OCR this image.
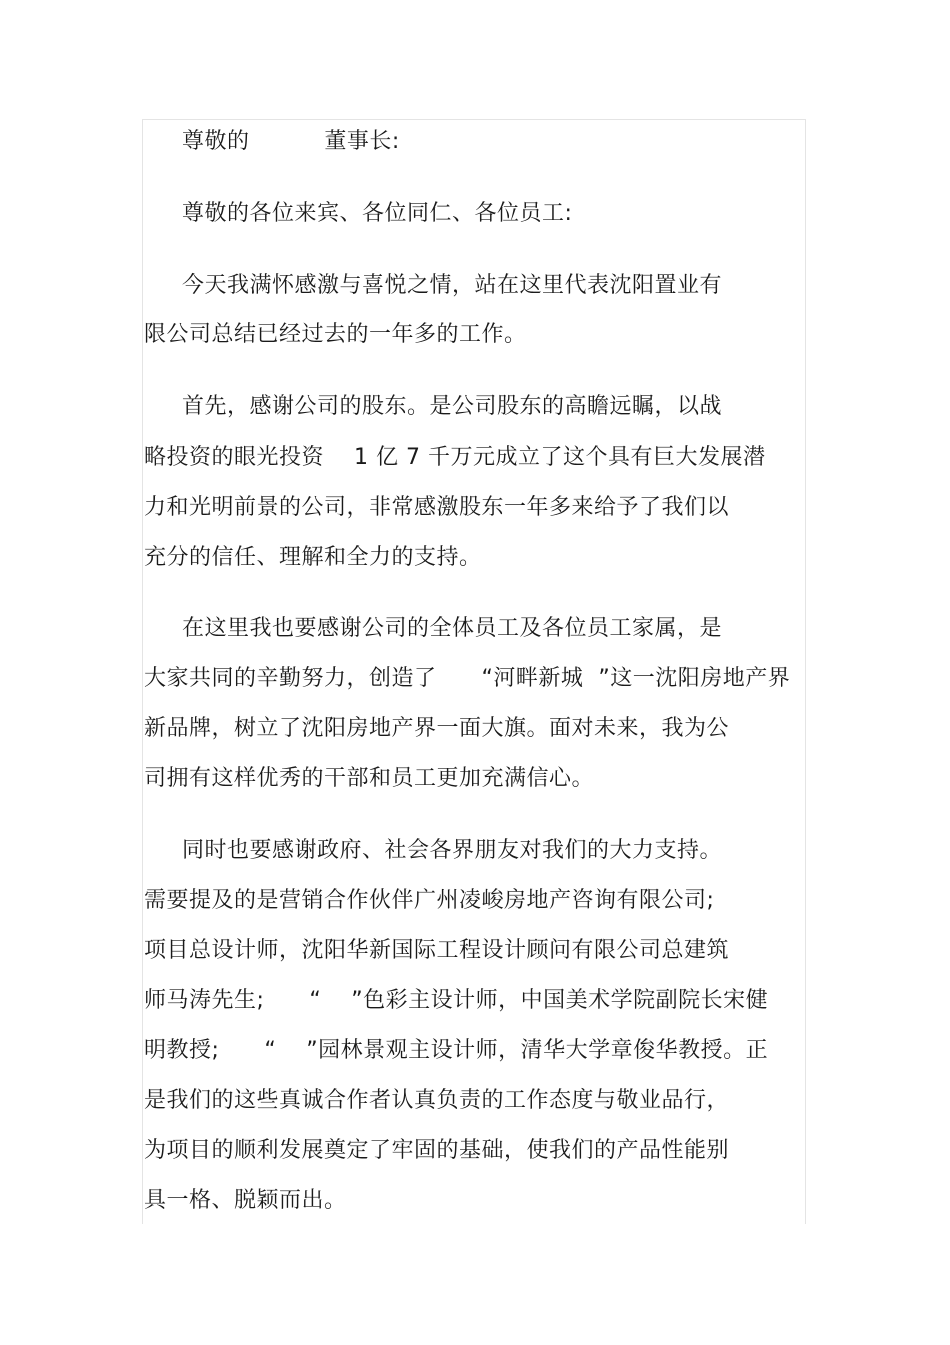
尊敬的          董事长:
尊敬的各位来宾、各位同仁、各位员工:
今天我满怀感激与喜悦之情，站在这里代表沈阳置业有
限公司总结已经过去的一年多的工作。
首先，感谢公司的股东。是公司股东的高瞻远瞩，以战
略投资的眼光投资    1 亿 7 千万元成立了这个具有巨大发展潜
力和光明前景的公司，非常感激股东一年多来给予了我们以
充分的信任、理解和全力的支持。
在这里我也要感谢公司的全体员工及各位员工家属，是
大家共同的辛勤努力，创造了      “河畔新城  ”这一沈阳房地产界
新品牌，树立了沈阳房地产界一面大旗。面对未来，我为公
司拥有这样优秀的干部和员工更加充满信心。
同时也要感谢政府、社会各界朋友对我们的大力支持。
需要提及的是营销合作伙伴广州凌峻房地产咨询有限公司;
项目总设计师，沈阳华新国际工程设计顾问有限公司总建筑
师马涛先生;      “    ”色彩主设计师，中国美术学院副院长宋健
明教授;      “    ”园林景观主设计师，清华大学章俊华教授。正
是我们的这些真诚合作者认真负责的工作态度与敬业品行，
为项目的顺利发展奠定了牢固的基础，使我们的产品性能别
具一格、脱颖而出。
